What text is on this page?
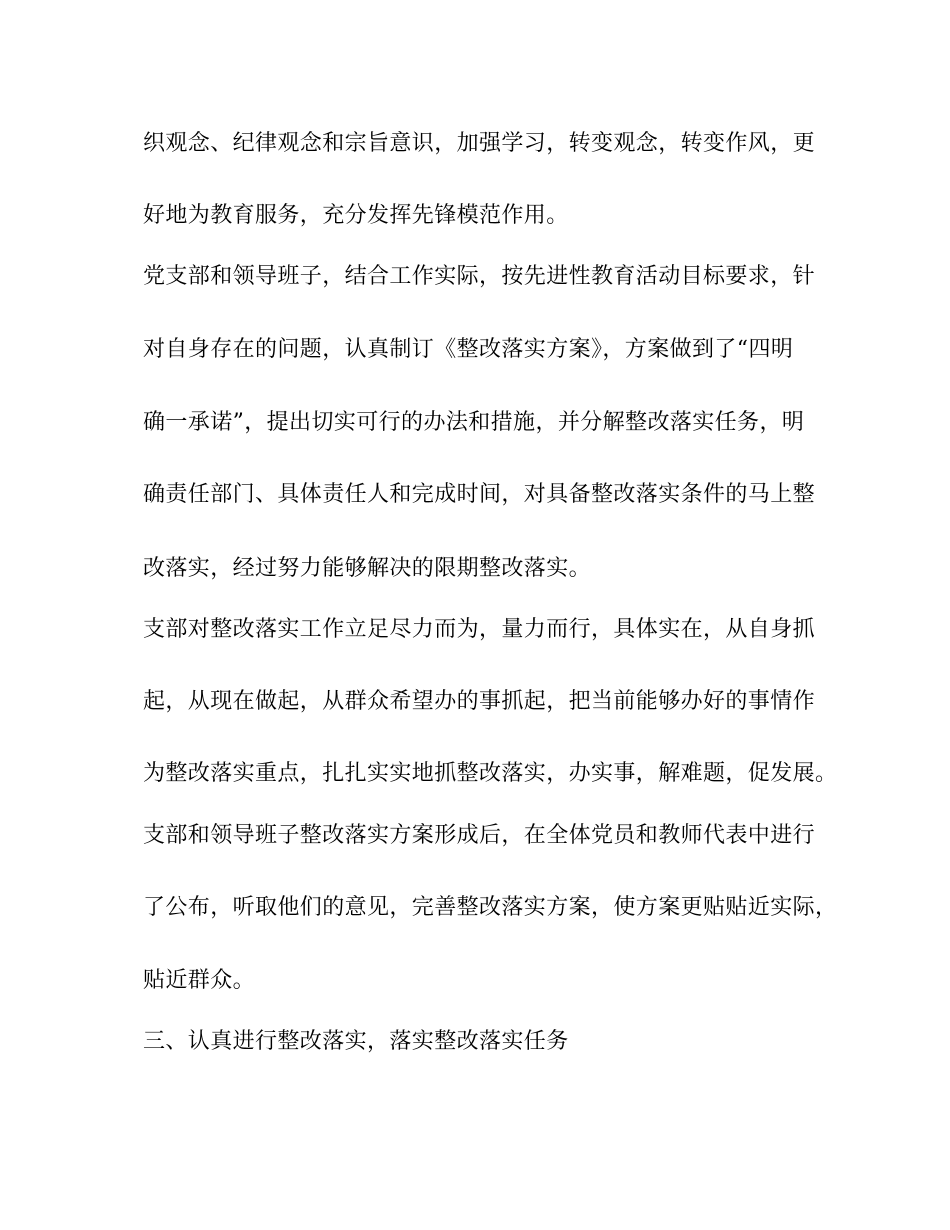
织观念、纪律观念和宗旨意识，加强学习，转变观念，转变作风，更
好地为教育服务，充分发挥先锋模范作用。
党支部和领导班子，结合工作实际，按先进性教育活动目标要求，针
对自身存在的问题，认真制订《整改落实方案》，方案做到了“四明
确一承诺”，提出切实可行的办法和措施，并分解整改落实任务，明
确责任部门、具体责任人和完成时间，对具备整改落实条件的马上整
改落实，经过努力能够解决的限期整改落实。
支部对整改落实工作立足尽力而为，量力而行，具体实在，从自身抓
起，从现在做起，从群众希望办的事抓起，把当前能够办好的事情作
为整改落实重点，扎扎实实地抓整改落实，办实事，解难题，促发展。
支部和领导班子整改落实方案形成后，在全体党员和教师代表中进行
了公布，听取他们的意见，完善整改落实方案，使方案更贴贴近实际，
贴近群众。
三、认真进行整改落实，落实整改落实任务
